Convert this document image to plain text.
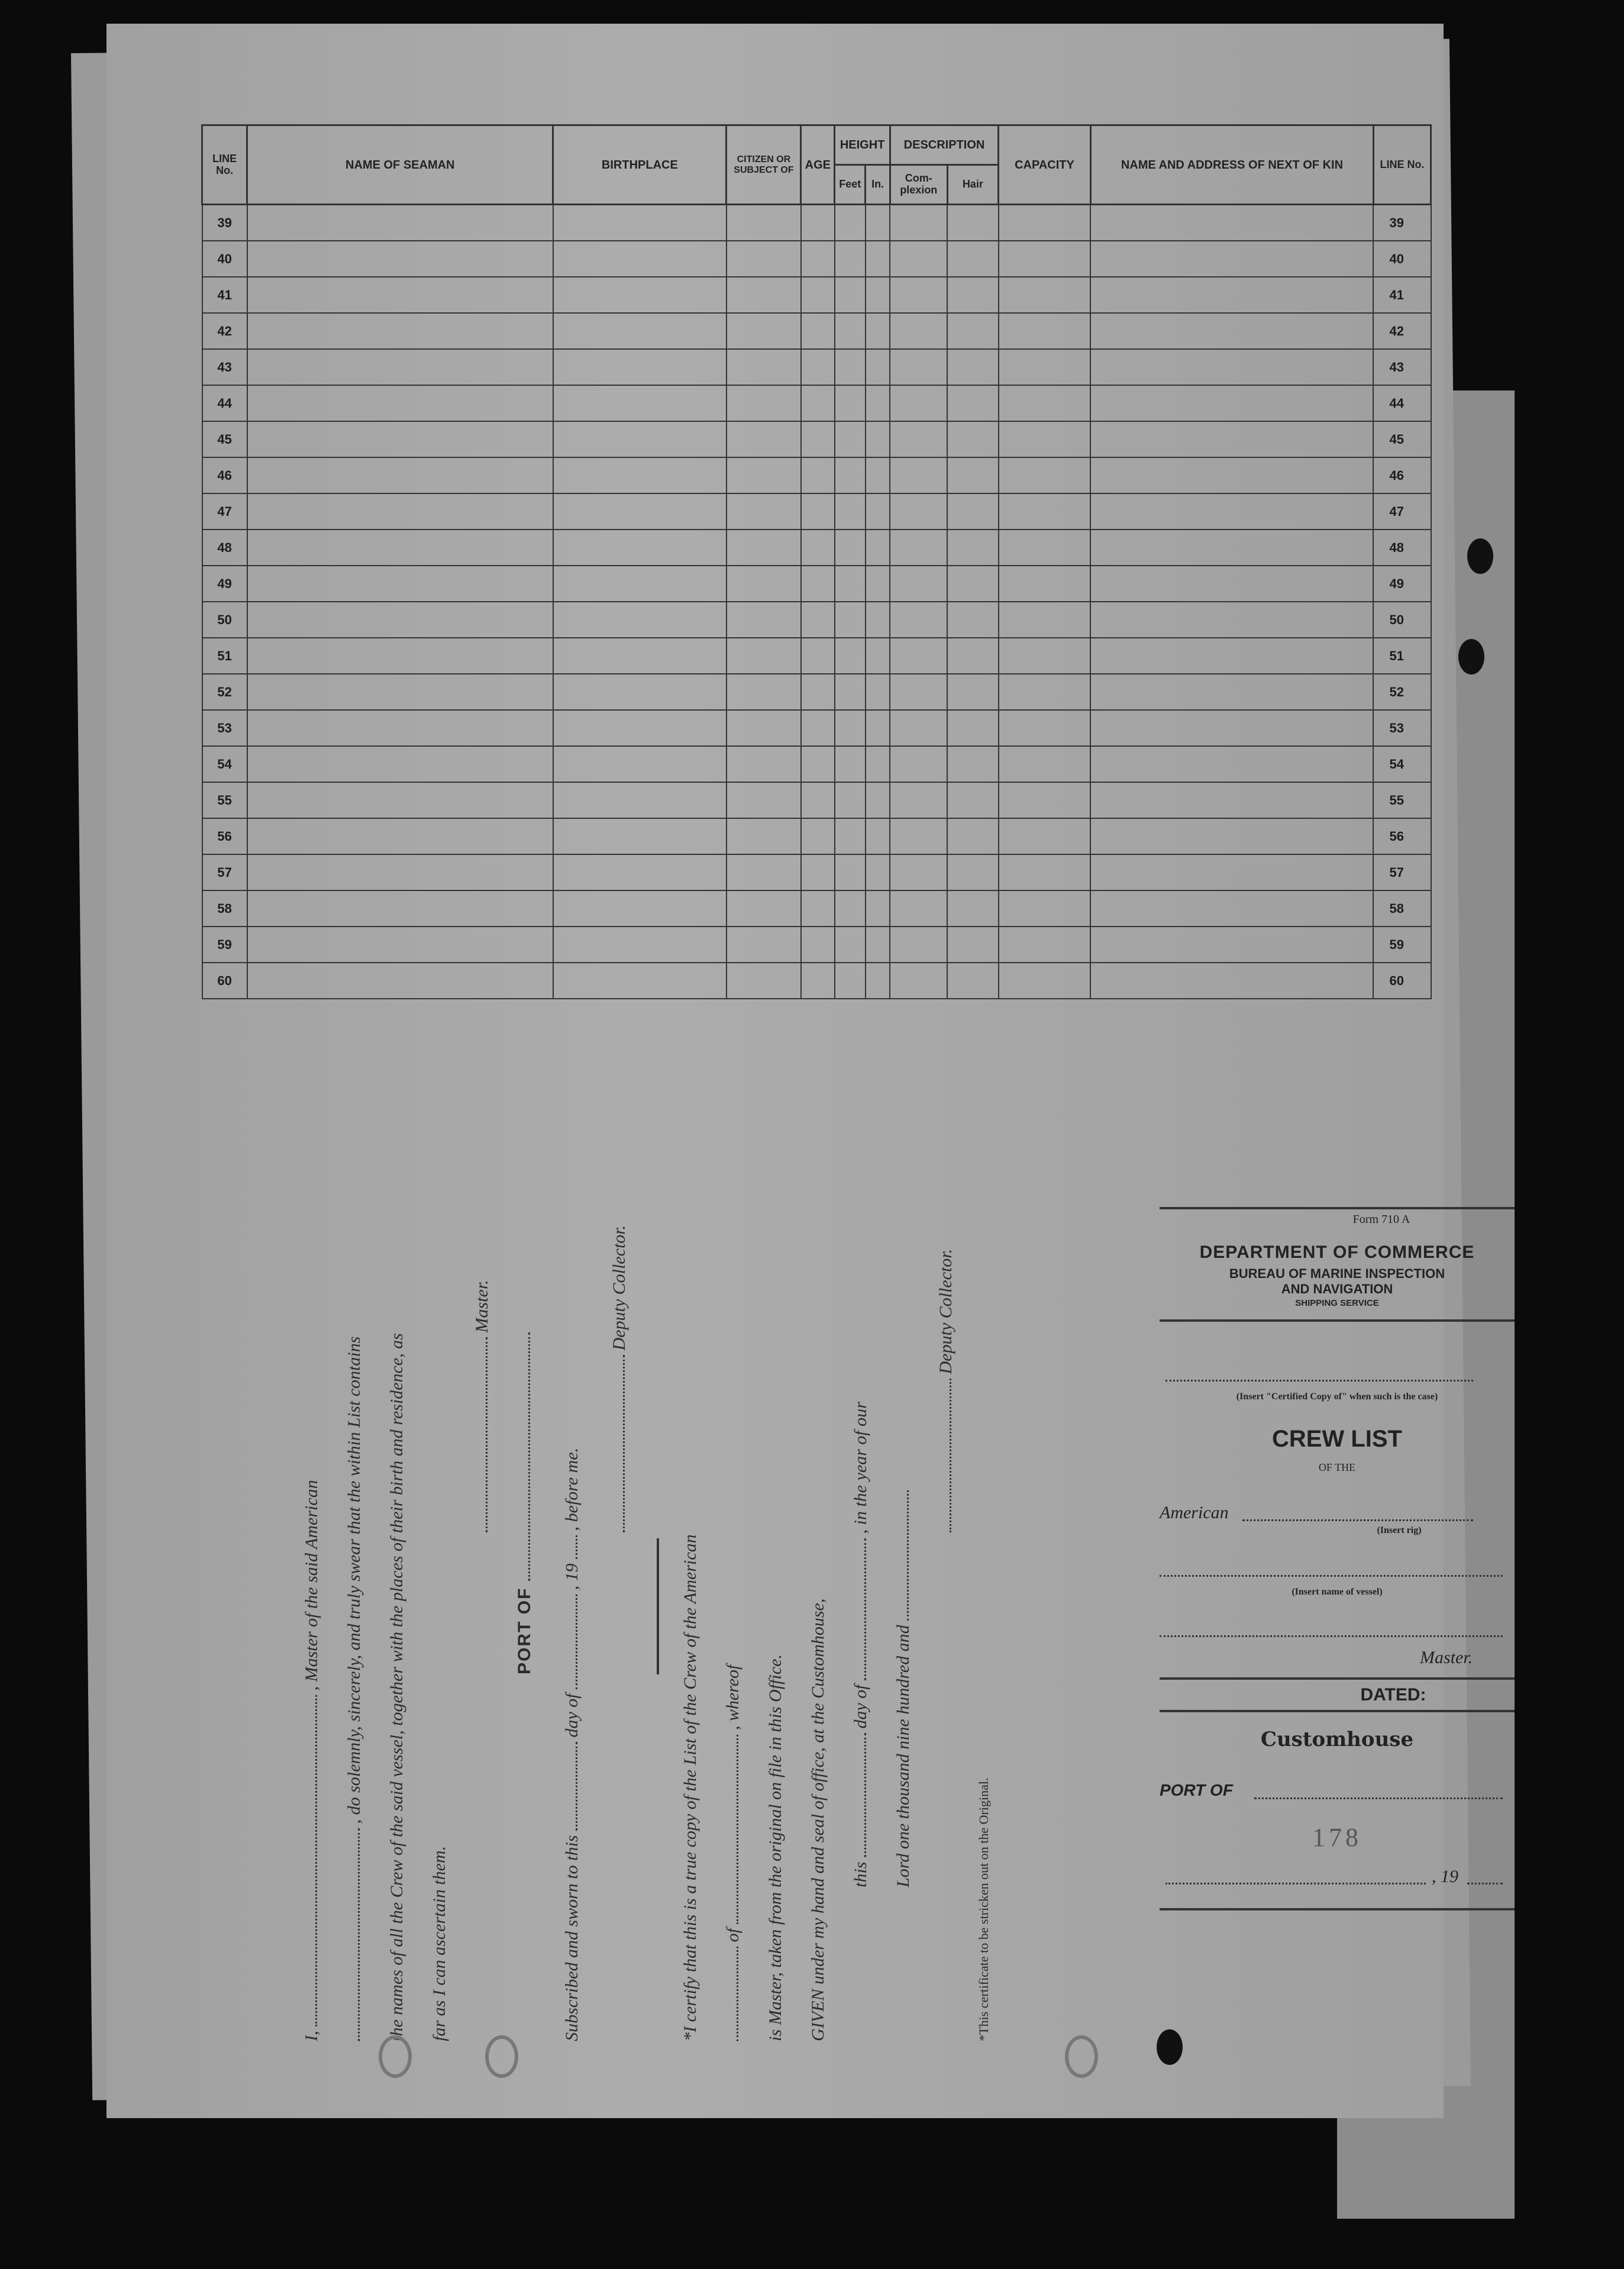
LINE No.	NAME OF SEAMAN	BIRTHPLACE	CITIZEN OR SUBJECT OF	AGE	HEIGHT		DESCRIPTION		CAPACITY	NAME AND ADDRESS OF NEXT OF KIN	LINE No.
					Feet	In.	Com- plexion	Hair			
39											39
40											40
41											41
42											42
43											43
44											44
45											45
46											46
47											47
48											48
49											49
50											50
51											51
52											52
53											53
54											54
55											55
56											56
57											57
58											58
59											59
60											60
I,  , Master of the said American , do solemnly, sincerely, and truly swear that the within List contains the names of all the Crew of the said vessel, together with the places of their birth and residence, as far as I can ascertain them.
Master.
PORT OF
Subscribed and sworn to this  day of  , 19  , before me.
Deputy Collector.
*I certify that this is a true copy of the List of the Crew of the American of  , whereof is Master, taken from the original on file in this Office. GIVEN under my hand and seal of office, at the Customhouse, this  day of  , in the year of our
Lord one thousand nine hundred and
Deputy Collector.
*This certificate to be stricken out on the Original.
Form 710 A
DEPARTMENT OF COMMERCE
BUREAU OF MARINE INSPECTION
AND NAVIGATION
SHIPPING SERVICE
(Insert "Certified Copy of" when such is the case)
CREW LIST
OF THE
American
(Insert rig)
(Insert name of vessel)
Master.
DATED:
Customhouse
PORT OF
178
, 19
